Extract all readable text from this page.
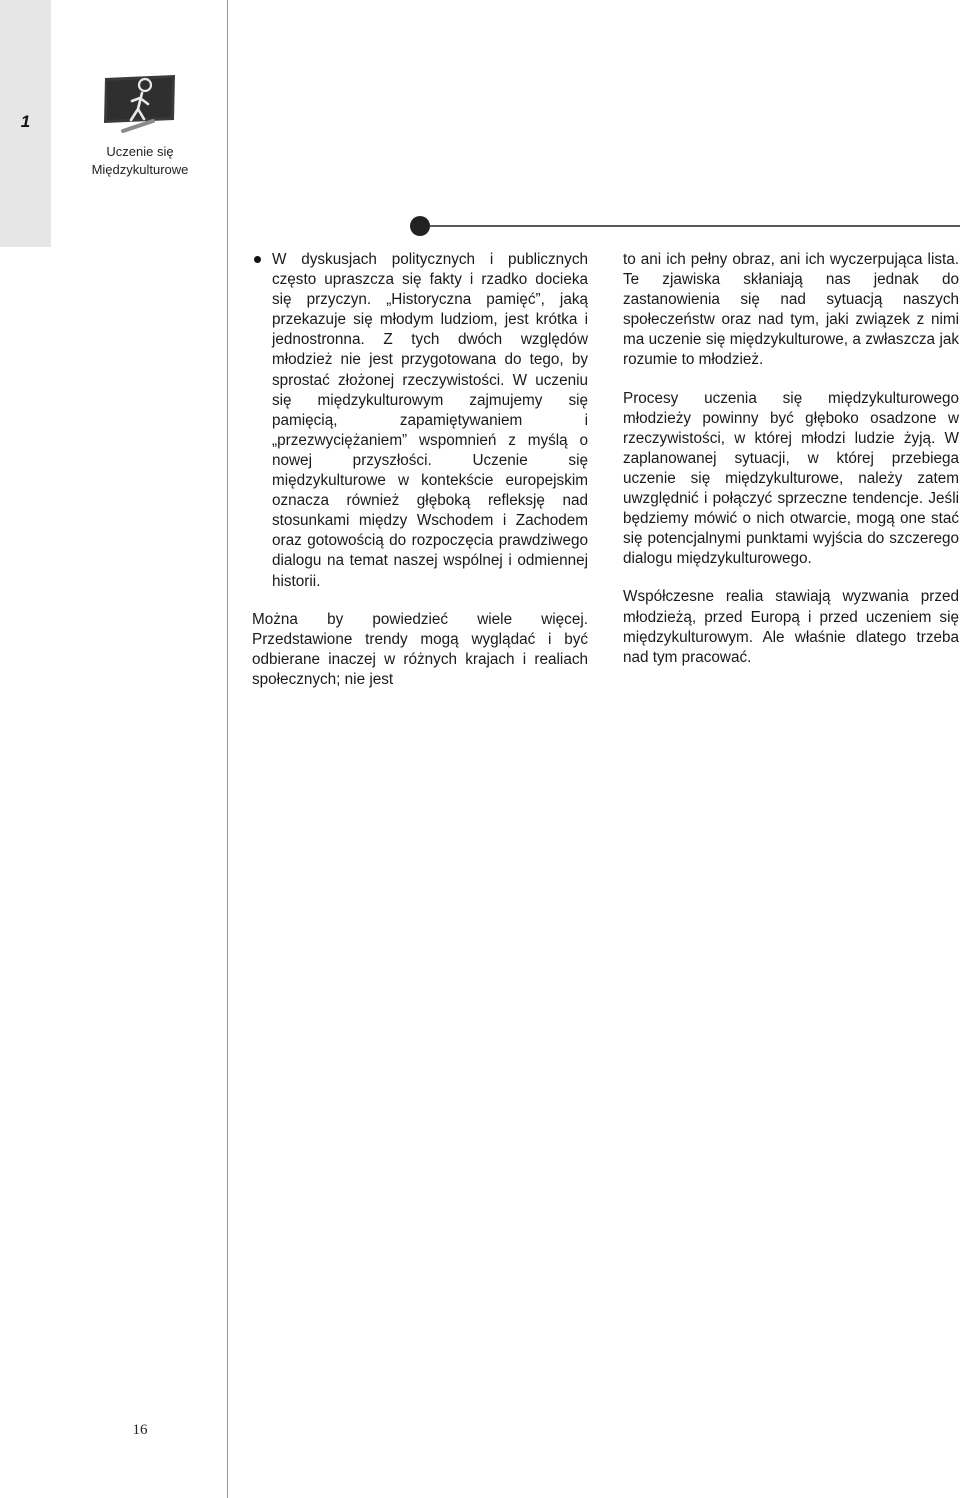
1
Uczenie się
Międzykulturowe

W dyskusjach politycznych i publicznych często upraszcza się fakty i rzadko docieka się przyczyn. „Historyczna pamięć”, jaką przekazuje się młodym ludziom, jest krótka i jednostronna. Z tych dwóch względów młodzież nie jest przygotowana do tego, by sprostać złożonej rzeczywistości. W uczeniu się międzykulturowym zajmujemy się pamięcią, zapamiętywaniem i „przezwyciężaniem” wspomnień z myślą o nowej przyszłości. Uczenie się międzykulturowe w kontekście europejskim oznacza również głęboką refleksję nad stosunkami między Wschodem i Zachodem oraz gotowością do rozpoczęcia prawdziwego dialogu na temat naszej wspólnej i odmiennej historii.

Można by powiedzieć wiele więcej. Przedstawione trendy mogą wyglądać i być odbierane inaczej w różnych krajach i realiach społecznych; nie jest

to ani ich pełny obraz, ani ich wyczerpująca lista. Te zjawiska skłaniają nas jednak do zastanowienia się nad sytuacją naszych społeczeństw oraz nad tym, jaki związek z nimi ma uczenie się międzykulturowe, a zwłaszcza jak rozumie to młodzież.

Procesy uczenia się międzykulturowego młodzieży powinny być głęboko osadzone w rzeczywistości, w której młodzi ludzie żyją. W zaplanowanej sytuacji, w której przebiega uczenie się międzykulturowe, należy zatem uwzględnić i połączyć sprzeczne tendencje. Jeśli będziemy mówić o nich otwarcie, mogą one stać się potencjalnymi punktami wyjścia do szczerego dialogu międzykulturowego.

Współczesne realia stawiają wyzwania przed młodzieżą, przed Europą i przed uczeniem się międzykulturowym. Ale właśnie dlatego trzeba nad tym pracować.

16
